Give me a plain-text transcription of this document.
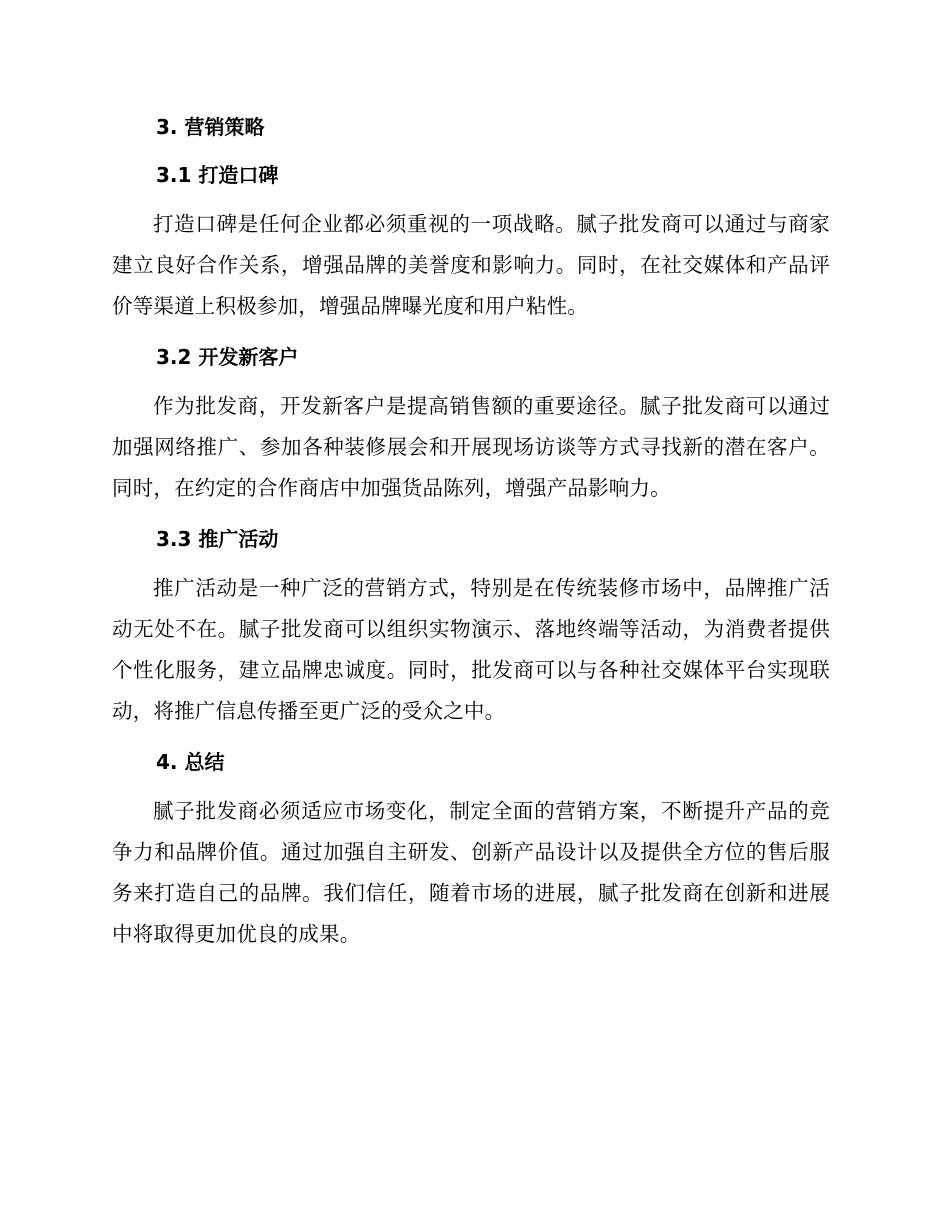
3. 营销策略
3.1 打造口碑

打造口碑是任何企业都必须重视的一项战略。腻子批发商可以通过与商家建立良好合作关系，增强品牌的美誉度和影响力。同时，在社交媒体和产品评价等渠道上积极参加，增强品牌曝光度和用户粘性。

3.2 开发新客户

作为批发商，开发新客户是提高销售额的重要途径。腻子批发商可以通过加强网络推广、参加各种装修展会和开展现场访谈等方式寻找新的潜在客户。同时，在约定的合作商店中加强货品陈列，增强产品影响力。

3.3 推广活动

推广活动是一种广泛的营销方式，特别是在传统装修市场中，品牌推广活动无处不在。腻子批发商可以组织实物演示、落地终端等活动，为消费者提供个性化服务，建立品牌忠诚度。同时，批发商可以与各种社交媒体平台实现联动，将推广信息传播至更广泛的受众之中。

4. 总结

腻子批发商必须适应市场变化，制定全面的营销方案，不断提升产品的竞争力和品牌价值。通过加强自主研发、创新产品设计以及提供全方位的售后服务来打造自己的品牌。我们信任，随着市场的进展，腻子批发商在创新和进展中将取得更加优良的成果。
